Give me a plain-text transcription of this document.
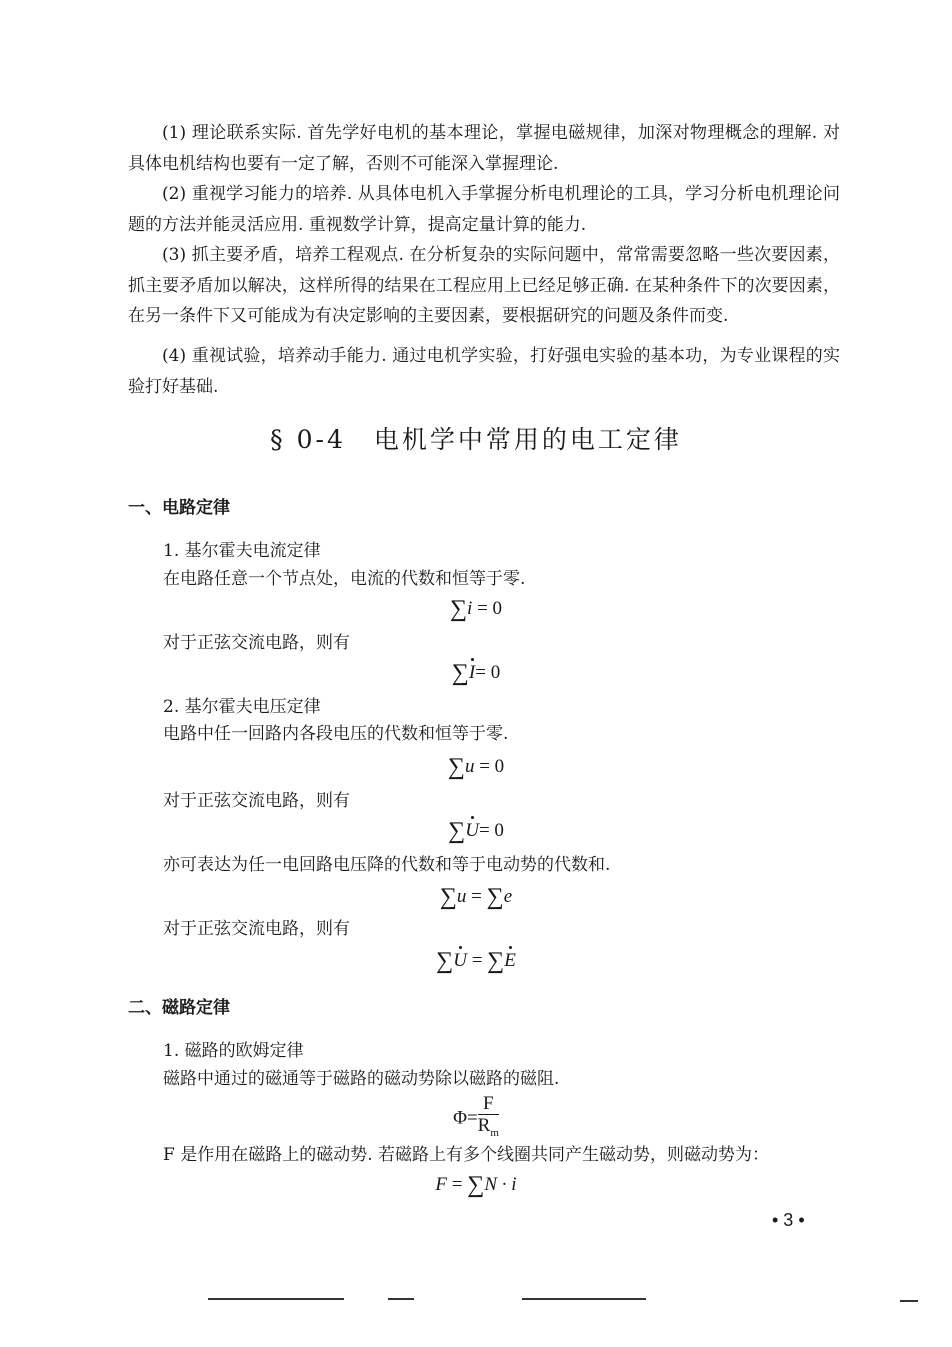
(1) 理论联系实际. 首先学好电机的基本理论，掌握电磁规律，加深对物理概念的理解. 对具体电机结构也要有一定了解，否则不可能深入掌握理论.
(2) 重视学习能力的培养. 从具体电机入手掌握分析电机理论的工具，学习分析电机理论问题的方法并能灵活应用. 重视数学计算，提高定量计算的能力.
(3) 抓主要矛盾，培养工程观点. 在分析复杂的实际问题中，常常需要忽略一些次要因素，抓主要矛盾加以解决，这样所得的结果在工程应用上已经足够正确. 在某种条件下的次要因素，在另一条件下又可能成为有决定影响的主要因素，要根据研究的问题及条件而变.
(4) 重视试验，培养动手能力. 通过电机学实验，打好强电实验的基本功，为专业课程的实验打好基础.
§ 0-4　电机学中常用的电工定律
一、电路定律
1. 基尔霍夫电流定律
在电路任意一个节点处，电流的代数和恒等于零.
∑i = 0
对于正弦交流电路，则有
∑I= 0
2. 基尔霍夫电压定律
电路中任一回路内各段电压的代数和恒等于零.
∑u = 0
对于正弦交流电路，则有
∑U= 0
亦可表达为任一电回路电压降的代数和等于电动势的代数和.
∑u = ∑e
对于正弦交流电路，则有
∑U = ∑E
二、磁路定律
1. 磁路的欧姆定律
磁路中通过的磁通等于磁路的磁动势除以磁路的磁阻.
$\Phi= \frac{F}{R_m}$
F 是作用在磁路上的磁动势. 若磁路上有多个线圈共同产生磁动势，则磁动势为：
F = ∑N · i
• 3 •
